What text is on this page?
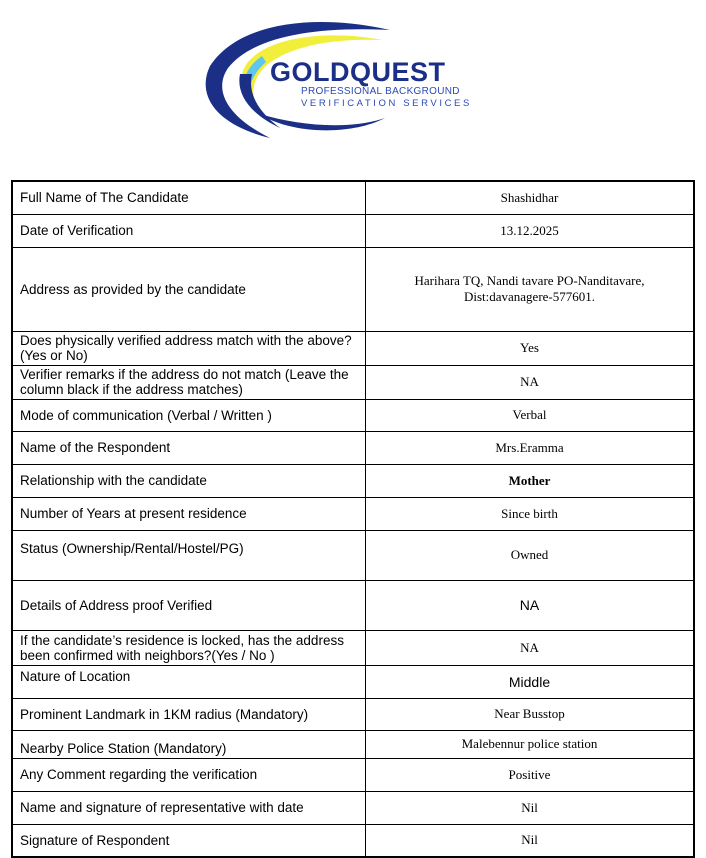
GOLDQUEST
PROFESSIONAL BACKGROUND
VERIFICATION SERVICES
Full Name of The Candidate	Shashidhar
Date of Verification	13.12.2025
Address as provided by the candidate	Harihara TQ, Nandi tavare PO-Nanditavare,
Dist:davanagere-577601.

Does physically verified address match with the above? (Yes or No)	Yes
Verifier remarks if the address do not match (Leave the column black if the address matches)	NA
Mode of communication (Verbal / Written )	Verbal
Name of the Respondent	Mrs.Eramma
Relationship with the candidate	Mother
Number of Years at present residence	Since birth
Status (Ownership/Rental/Hostel/PG)	Owned
Details of Address proof Verified	NA
If the candidate’s residence is locked, has the address been confirmed with neighbors?(Yes / No )	NA
Nature of Location	Middle
Prominent Landmark in 1KM radius (Mandatory)	Near Busstop
Nearby Police Station (Mandatory)	Malebennur police station
Any Comment regarding the verification	Positive
Name and signature of representative with date	Nil
Signature of Respondent	Nil
